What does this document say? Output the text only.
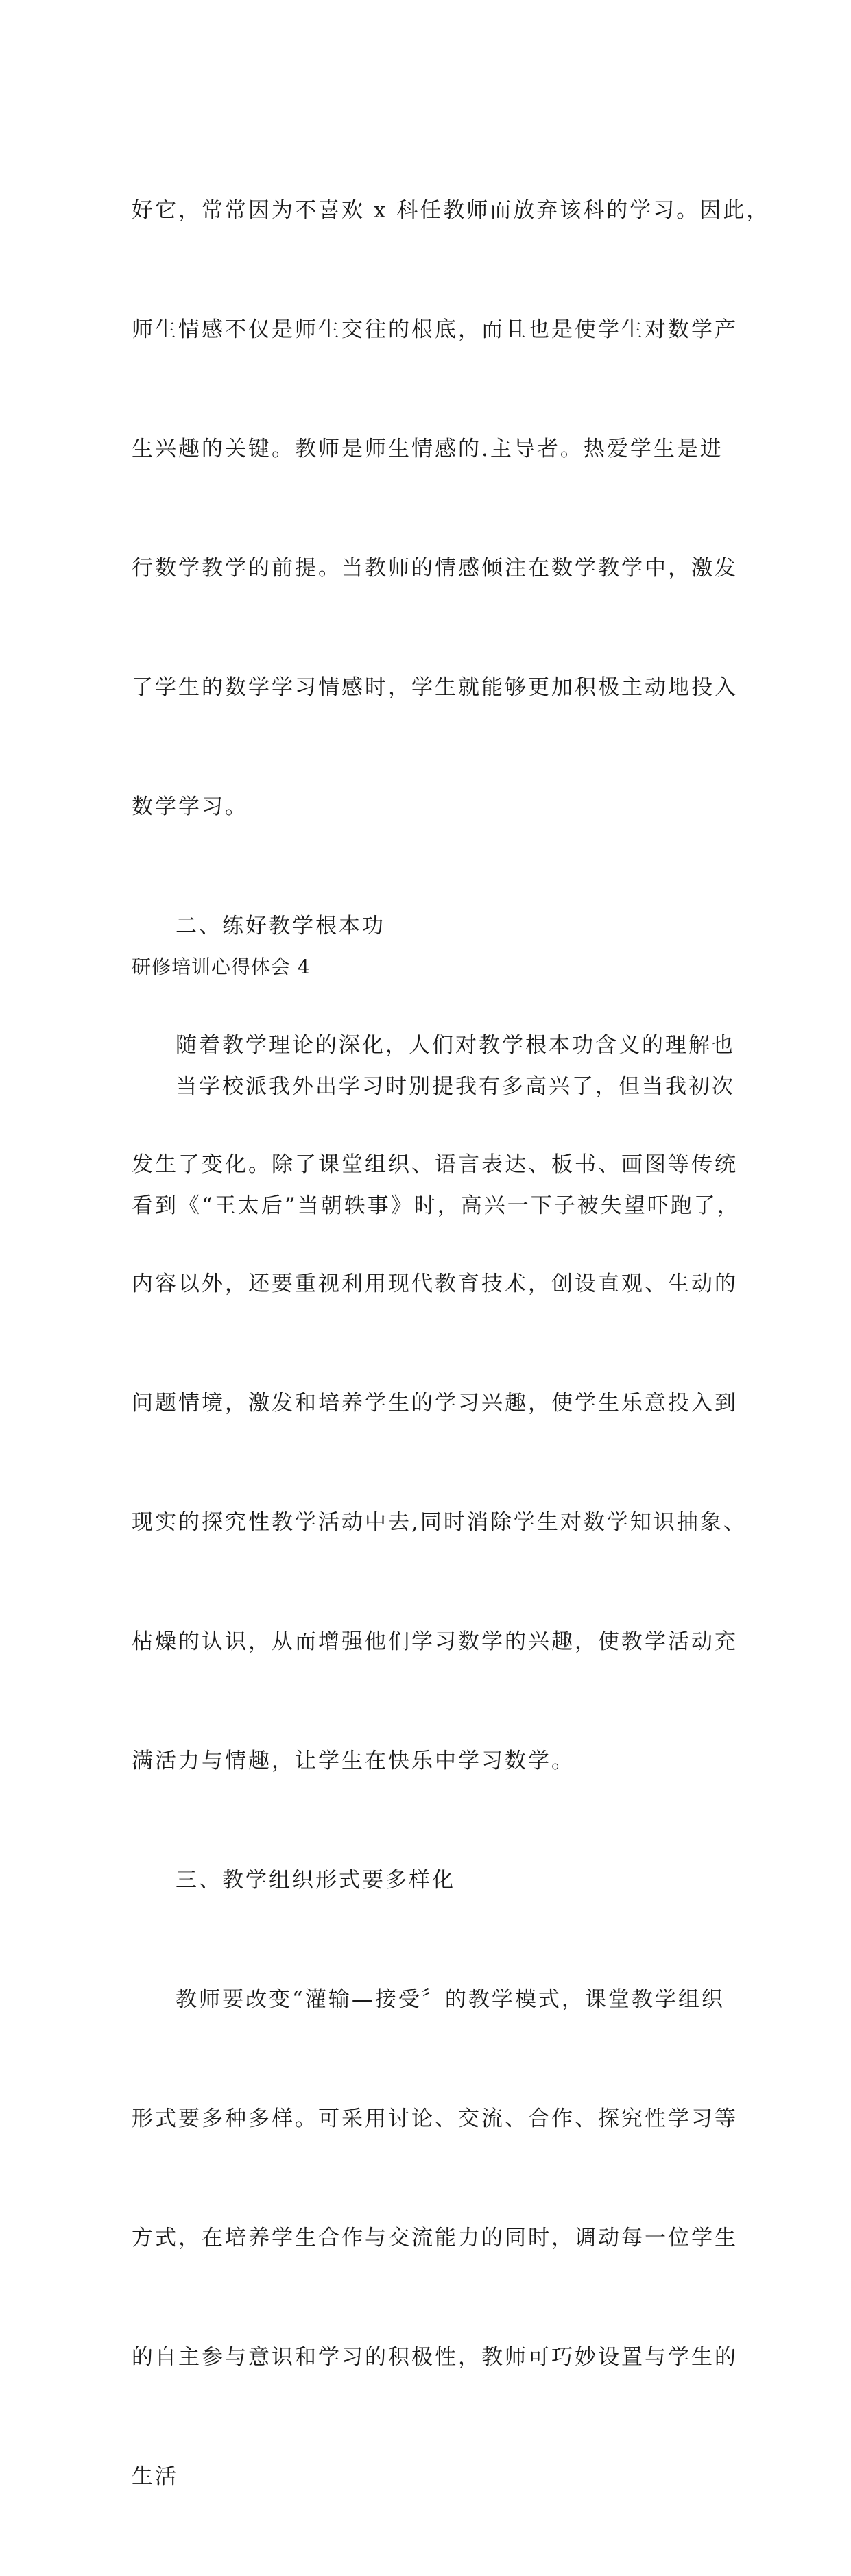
好它，常常因为不喜欢 x 科任教师而放弃该科的学习。因此，

师生情感不仅是师生交往的根底，而且也是使学生对数学产

生兴趣的关键。教师是师生情感的.主导者。热爱学生是进

行数学教学的前提。当教师的情感倾注在数学教学中，激发

了学生的数学学习情感时，学生就能够更加积极主动地投入

数学学习。

二、练好教学根本功

随着教学理论的深化，人们对教学根本功含义的理解也

发生了变化。除了课堂组织、语言表达、板书、画图等传统

内容以外，还要重视利用现代教育技术，创设直观、生动的

问题情境，激发和培养学生的学习兴趣，使学生乐意投入到

现实的探究性教学活动中去,同时消除学生对数学知识抽象、

枯燥的认识，从而增强他们学习数学的兴趣，使教学活动充

满活力与情趣，让学生在快乐中学习数学。

三、教学组织形式要多样化

教师要改变“灌输—接受〞的教学模式，课堂教学组织

形式要多种多样。可采用讨论、交流、合作、探究性学习等

方式，在培养学生合作与交流能力的同时，调动每一位学生

的自主参与意识和学习的积极性，教师可巧妙设置与学生的

生活

研修培训心得体会 4

当学校派我外出学习时别提我有多高兴了，但当我初次

看到《“王太后”当朝轶事》时，高兴一下子被失望吓跑了，
